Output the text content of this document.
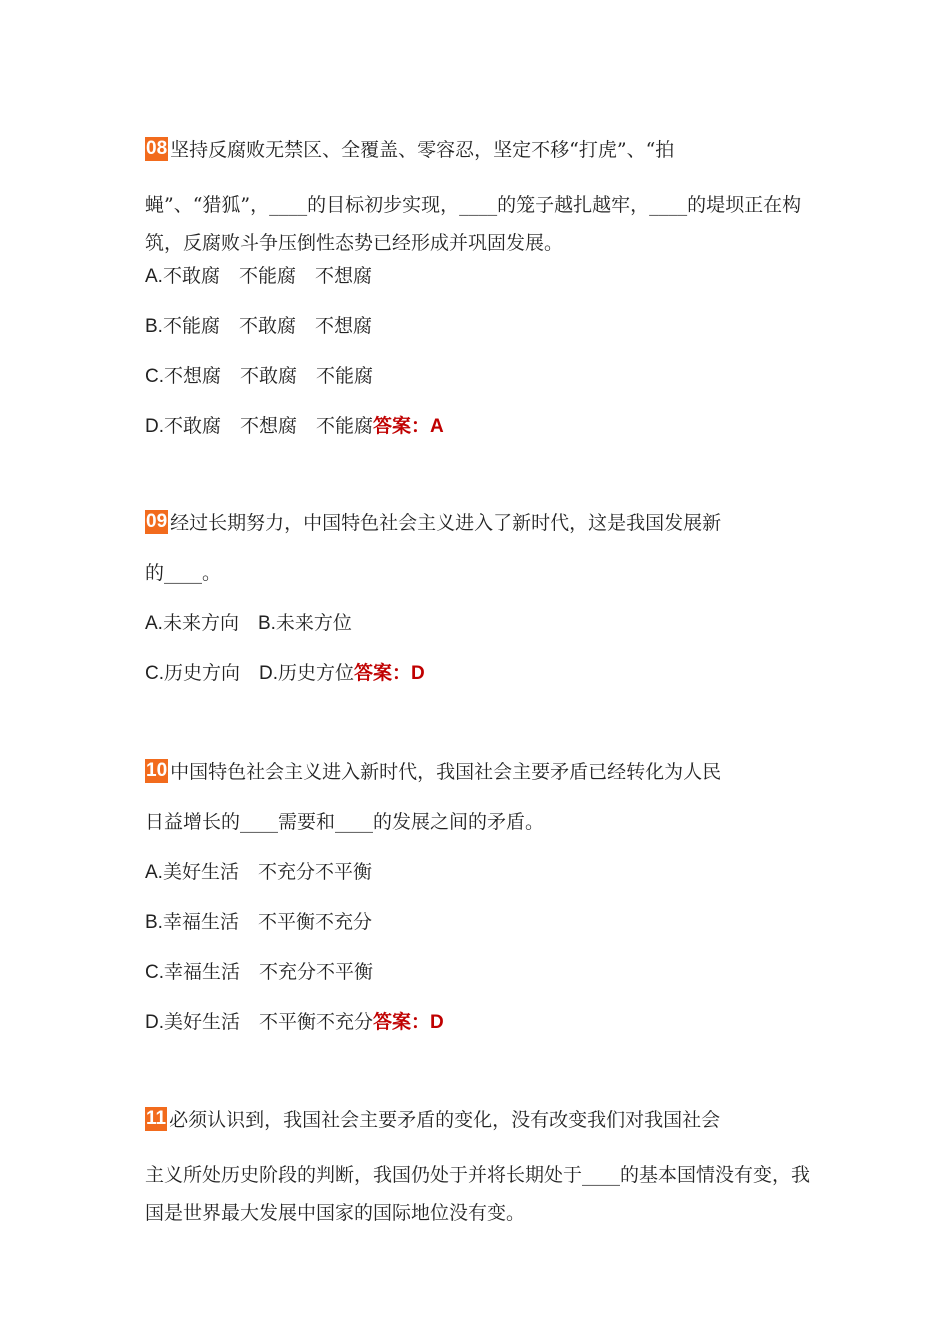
08 坚持反腐败无禁区、全覆盖、零容忍，坚定不移“打虎”、“拍
蝇”、“猎狐”，____的目标初步实现，____的笼子越扎越牢，____的堤坝正在构筑，反腐败斗争压倒性态势已经形成并巩固发展。
A.不敢腐　不能腐　不想腐
B.不能腐　不敢腐　不想腐
C.不想腐　不敢腐　不能腐
D.不敢腐　不想腐　不能腐答案：A
09 经过长期努力，中国特色社会主义进入了新时代，这是我国发展新
的____。
A.未来方向　B.未来方位
C.历史方向　D.历史方位答案：D
10 中国特色社会主义进入新时代，我国社会主要矛盾已经转化为人民
日益增长的____需要和____的发展之间的矛盾。
A.美好生活　不充分不平衡
B.幸福生活　不平衡不充分
C.幸福生活　不充分不平衡
D.美好生活　不平衡不充分答案：D
11 必须认识到，我国社会主要矛盾的变化，没有改变我们对我国社会
主义所处历史阶段的判断，我国仍处于并将长期处于____的基本国情没有变，我国是世界最大发展中国家的国际地位没有变。
